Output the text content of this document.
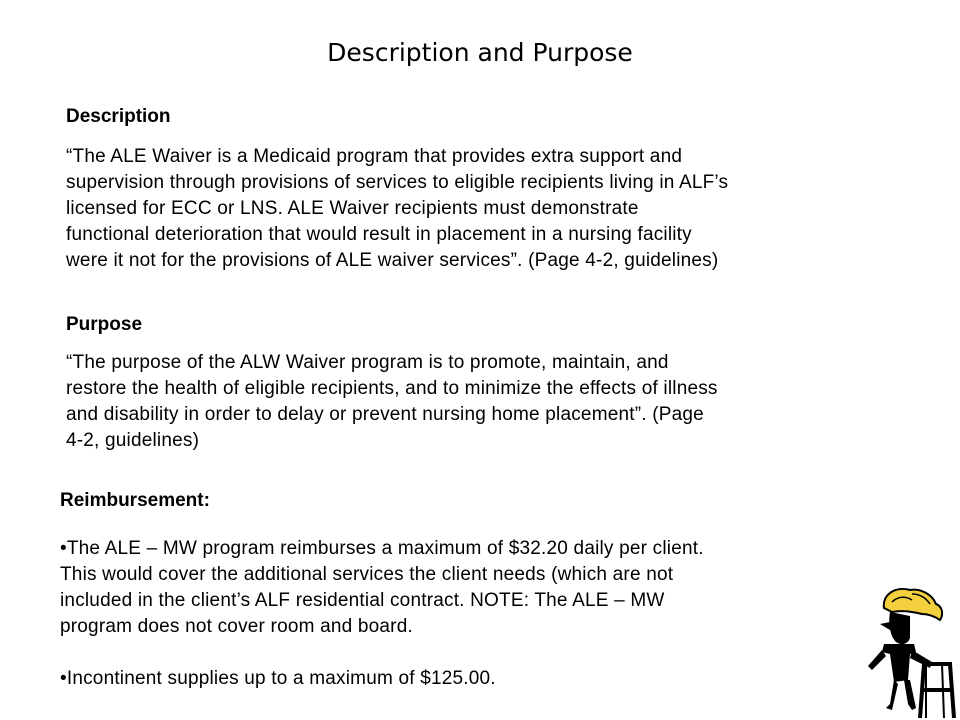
Description and Purpose
Description
“The ALE Waiver is a Medicaid program that provides extra support and
supervision through provisions of services to eligible recipients living in ALF’s
licensed for ECC or LNS. ALE Waiver recipients must demonstrate
functional deterioration that would result in placement in a nursing facility
were it not for the provisions of ALE waiver services”. (Page 4-2, guidelines)
Purpose
“The purpose of the ALW Waiver program is to promote, maintain, and
restore the health of eligible recipients, and to minimize the effects of illness
and disability in order to delay or prevent nursing home placement”. (Page
4-2, guidelines)
Reimbursement:
•The ALE – MW program reimburses a maximum of $32.20 daily per client.
This would cover the additional services the client needs (which are not
included in the client’s ALF residential contract. NOTE: The ALE – MW
program does not cover room and board.
•Incontinent supplies up to a maximum of $125.00.
